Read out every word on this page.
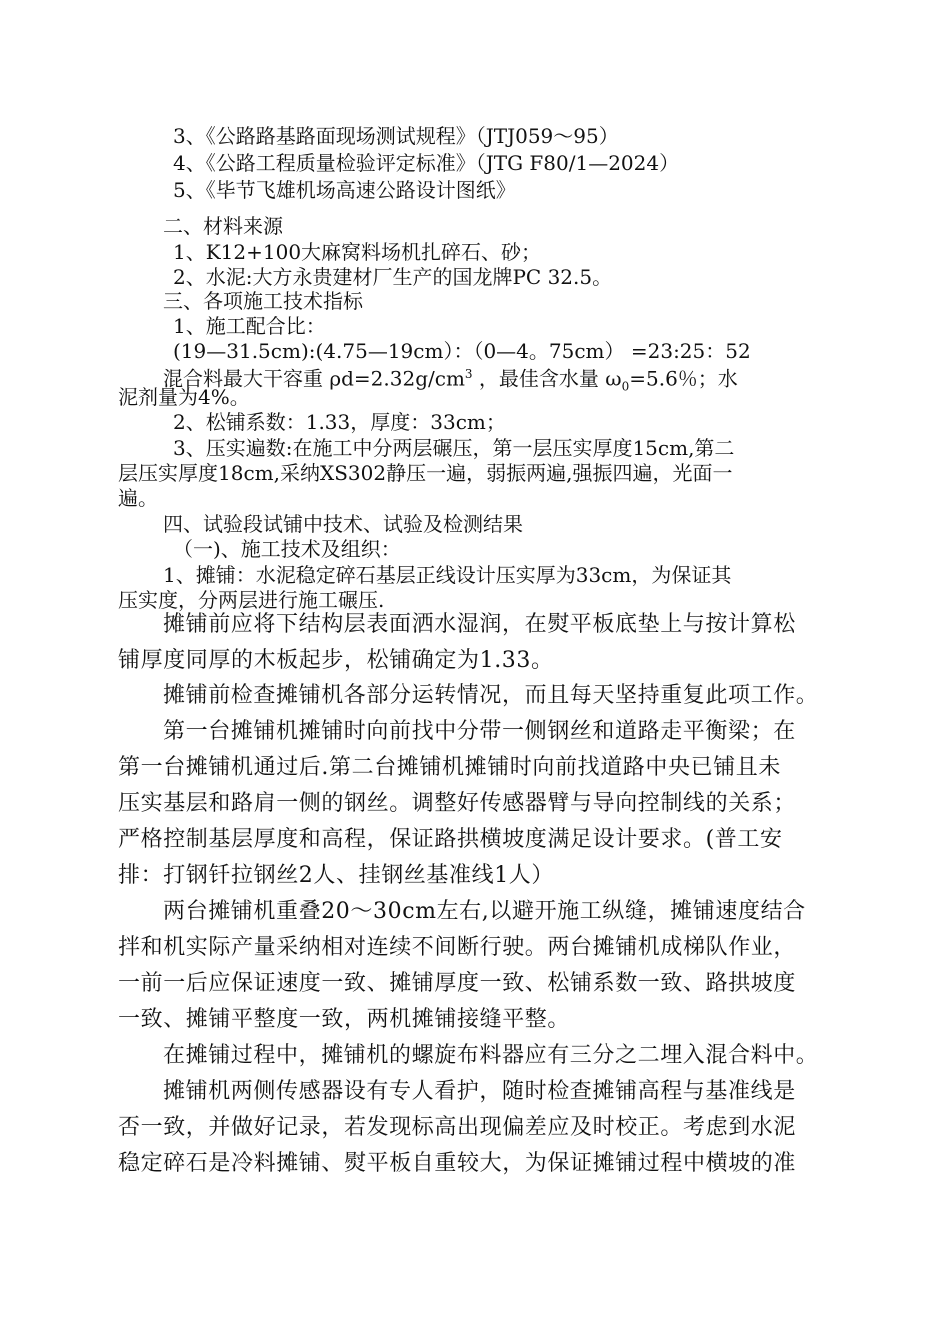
3、《公路路基路面现场测试规程》（JTJ059～95）
4、《公路工程质量检验评定标准》（JTG F80/1—2024）
5、《毕节飞雄机场高速公路设计图纸》
二、材料来源
1、K12+100大麻窝料场机扎碎石、砂；
2、水泥:大方永贵建材厂生产的国龙牌PC 32.5。
三、各项施工技术指标
1、施工配合比：
(19—31.5cm):(4.75—19cm）：（0—4。75cm） =23:25：52
混合料最大干容重 $\rho d=2.32g/cm^3$ ，最佳含水量 $\omega_0=5.6$％；水
泥剂量为4%。
2、松铺系数：1.33，厚度：33cm；
3、压实遍数:在施工中分两层碾压，第一层压实厚度15cm,第二
层压实厚度18cm,采纳XS302静压一遍，弱振两遍,强振四遍，光面一
遍。
四、试验段试铺中技术、试验及检测结果
（一)、施工技术及组织：
1、摊铺：水泥稳定碎石基层正线设计压实厚为33cm，为保证其
压实度，分两层进行施工碾压.
摊铺前应将下结构层表面洒水湿润，在熨平板底垫上与按计算松
铺厚度同厚的木板起步，松铺确定为1.33。
摊铺前检查摊铺机各部分运转情况，而且每天坚持重复此项工作。
第一台摊铺机摊铺时向前找中分带一侧钢丝和道路走平衡梁；在
第一台摊铺机通过后.第二台摊铺机摊铺时向前找道路中央已铺且未
压实基层和路肩一侧的钢丝。调整好传感器臂与导向控制线的关系；
严格控制基层厚度和高程，保证路拱横坡度满足设计要求。(普工安
排：打钢钎拉钢丝2人、挂钢丝基准线1人）
两台摊铺机重叠20～30cm左右,以避开施工纵缝，摊铺速度结合
拌和机实际产量采纳相对连续不间断行驶。两台摊铺机成梯队作业，
一前一后应保证速度一致、摊铺厚度一致、松铺系数一致、路拱坡度
一致、摊铺平整度一致，两机摊铺接缝平整。
在摊铺过程中，摊铺机的螺旋布料器应有三分之二埋入混合料中。
摊铺机两侧传感器设有专人看护，随时检查摊铺高程与基准线是
否一致，并做好记录，若发现标高出现偏差应及时校正。考虑到水泥
稳定碎石是冷料摊铺、熨平板自重较大，为保证摊铺过程中横坡的准
